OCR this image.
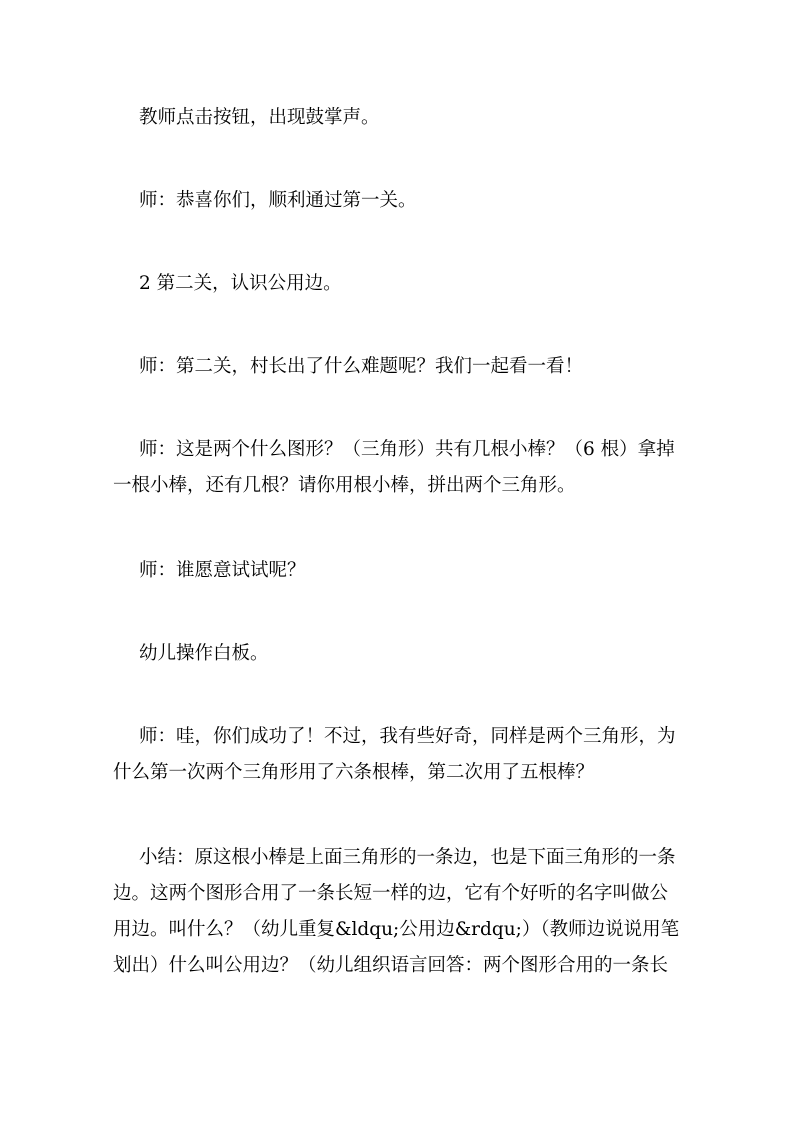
教师点击按钮，出现鼓掌声。

师：恭喜你们，顺利通过第一关。

2 第二关，认识公用边。

师：第二关，村长出了什么难题呢？我们一起看一看！

师：这是两个什么图形？（三角形）共有几根小棒？（6 根）拿掉
一根小棒，还有几根？请你用根小棒，拼出两个三角形。

师：谁愿意试试呢？

幼儿操作白板。

师：哇，你们成功了！不过，我有些好奇，同样是两个三角形，为
什么第一次两个三角形用了六条根棒，第二次用了五根棒？

小结：原这根小棒是上面三角形的一条边，也是下面三角形的一条
边。这两个图形合用了一条长短一样的边，它有个好听的名字叫做公
用边。叫什么？（幼儿重复&ldqu;公用边&rdqu;）（教师边说说用笔
划出）什么叫公用边？（幼儿组织语言回答：两个图形合用的一条长
